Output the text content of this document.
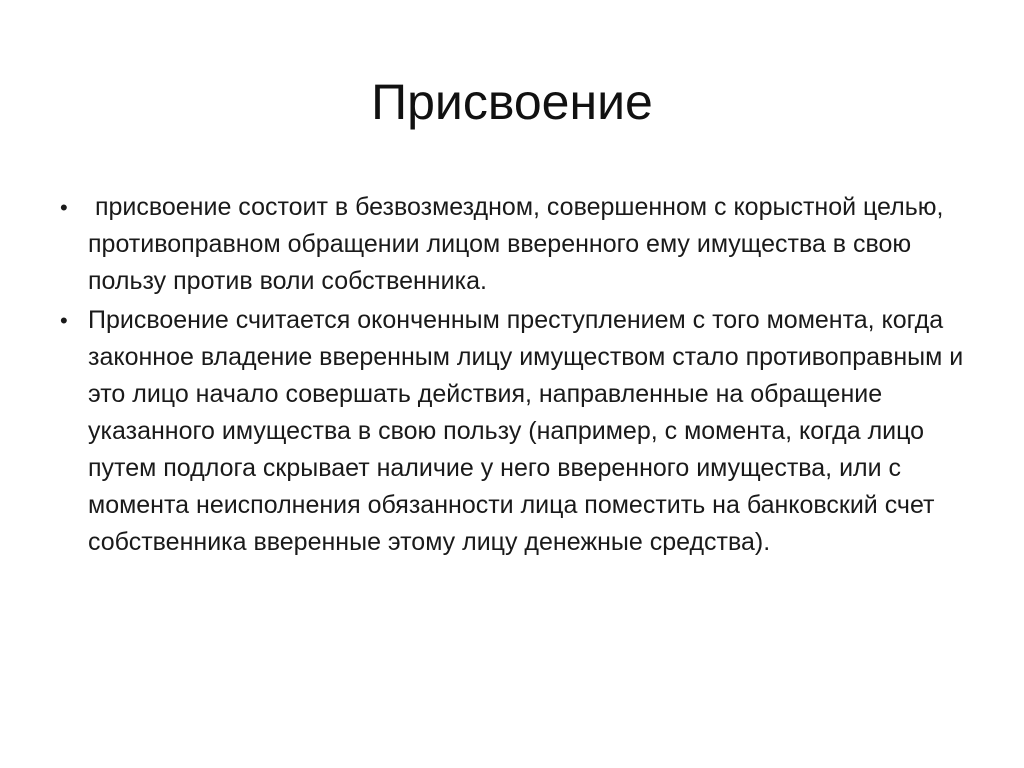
Присвоение
• присвоение состоит в безвозмездном, совершенном с корыстной целью, противоправном обращении лицом вверенного ему имущества в свою пользу против воли собственника.
• Присвоение считается оконченным преступлением с того момента, когда законное владение вверенным лицу имуществом стало противоправным и это лицо начало совершать действия, направленные на обращение указанного имущества в свою пользу (например, с момента, когда лицо путем подлога скрывает наличие у него вверенного имущества, или с момента неисполнения обязанности лица поместить на банковский счет собственника вверенные этому лицу денежные средства).
